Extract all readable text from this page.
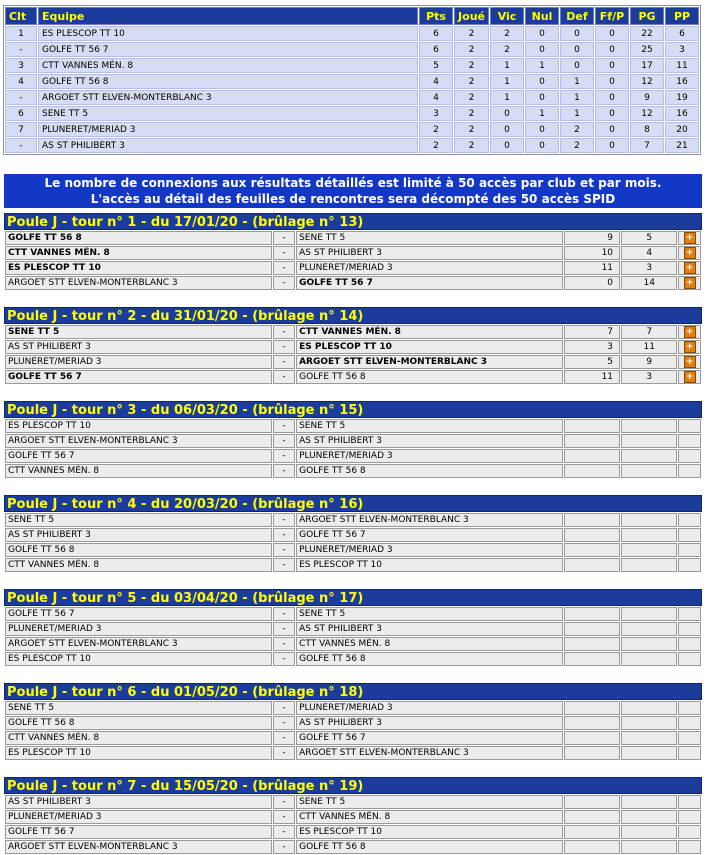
Clt	Equipe	Pts	Joué	Vic	Nul	Def	Ff/P	PG	PP
1	ES PLESCOP TT 10	6	2	2	0	0	0	22	6
-	GOLFE TT 56 7	6	2	2	0	0	0	25	3
3	CTT VANNES MÉN. 8	5	2	1	1	0	0	17	11
4	GOLFE TT 56 8	4	2	1	0	1	0	12	16
-	ARGOET STT ELVEN-MONTERBLANC 3	4	2	1	0	1	0	9	19
6	SENE TT 5	3	2	0	1	1	0	12	16
7	PLUNERET/MERIAD 3	2	2	0	0	2	0	8	20
-	AS ST PHILIBERT 3	2	2	0	0	2	0	7	21
Le nombre de connexions aux résultats détaillés est limité à 50 accès par club et par mois.
L'accès au détail des feuilles de rencontres sera décompté des 50 accès SPID
Poule J - tour n° 1 - du 17/01/20 - (brûlage n° 13)
GOLFE TT 56 8	-	SENE TT 5	9	5	+
CTT VANNES MÉN. 8	-	AS ST PHILIBERT 3	10	4	+
ES PLESCOP TT 10	-	PLUNERET/MERIAD 3	11	3	+
ARGOET STT ELVEN-MONTERBLANC 3	-	GOLFE TT 56 7	0	14	+
Poule J - tour n° 2 - du 31/01/20 - (brûlage n° 14)
SENE TT 5	-	CTT VANNES MÉN. 8	7	7	+
AS ST PHILIBERT 3	-	ES PLESCOP TT 10	3	11	+
PLUNERET/MERIAD 3	-	ARGOET STT ELVEN-MONTERBLANC 3	5	9	+
GOLFE TT 56 7	-	GOLFE TT 56 8	11	3	+
Poule J - tour n° 3 - du 06/03/20 - (brûlage n° 15)
ES PLESCOP TT 10	-	SENE TT 5			
ARGOET STT ELVEN-MONTERBLANC 3	-	AS ST PHILIBERT 3			
GOLFE TT 56 7	-	PLUNERET/MERIAD 3			
CTT VANNES MÉN. 8	-	GOLFE TT 56 8			
Poule J - tour n° 4 - du 20/03/20 - (brûlage n° 16)
SENE TT 5	-	ARGOET STT ELVEN-MONTERBLANC 3			
AS ST PHILIBERT 3	-	GOLFE TT 56 7			
GOLFE TT 56 8	-	PLUNERET/MERIAD 3			
CTT VANNES MÉN. 8	-	ES PLESCOP TT 10			
Poule J - tour n° 5 - du 03/04/20 - (brûlage n° 17)
GOLFE TT 56 7	-	SENE TT 5			
PLUNERET/MERIAD 3	-	AS ST PHILIBERT 3			
ARGOET STT ELVEN-MONTERBLANC 3	-	CTT VANNES MÉN. 8			
ES PLESCOP TT 10	-	GOLFE TT 56 8			
Poule J - tour n° 6 - du 01/05/20 - (brûlage n° 18)
SENE TT 5	-	PLUNERET/MERIAD 3			
GOLFE TT 56 8	-	AS ST PHILIBERT 3			
CTT VANNES MÉN. 8	-	GOLFE TT 56 7			
ES PLESCOP TT 10	-	ARGOET STT ELVEN-MONTERBLANC 3			
Poule J - tour n° 7 - du 15/05/20 - (brûlage n° 19)
AS ST PHILIBERT 3	-	SENE TT 5			
PLUNERET/MERIAD 3	-	CTT VANNES MÉN. 8			
GOLFE TT 56 7	-	ES PLESCOP TT 10			
ARGOET STT ELVEN-MONTERBLANC 3	-	GOLFE TT 56 8			
